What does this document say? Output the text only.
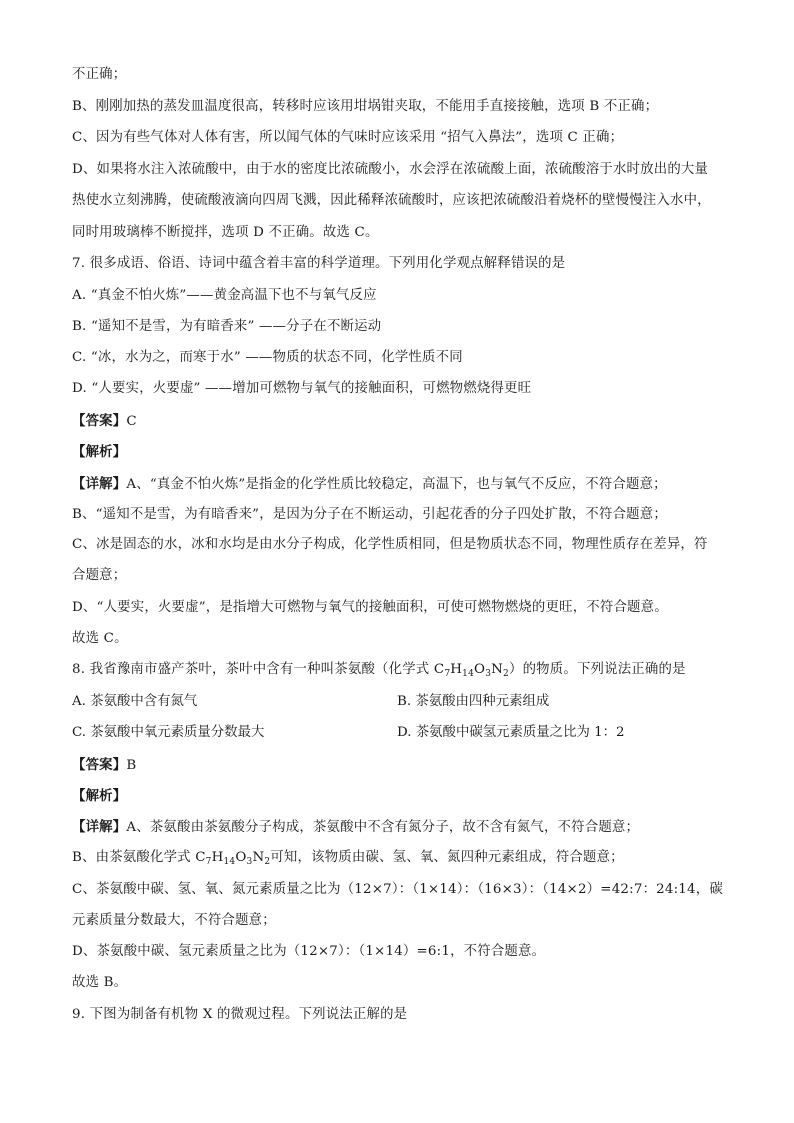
不正确；
B、刚刚加热的蒸发皿温度很高，转移时应该用坩埚钳夹取，不能用手直接接触，选项 B 不正确；
C、因为有些气体对人体有害，所以闻气体的气味时应该采用 “招气入鼻法”，选项 C 正确；
D、如果将水注入浓硫酸中，由于水的密度比浓硫酸小，水会浮在浓硫酸上面，浓硫酸溶于水时放出的大量
热使水立刻沸腾，使硫酸液滴向四周飞溅，因此稀释浓硫酸时，应该把浓硫酸沿着烧杯的壁慢慢注入水中，
同时用玻璃棒不断搅拌，选项 D 不正确。故选 C。
7. 很多成语、俗语、诗词中蕴含着丰富的科学道理。下列用化学观点解释错误的是
A. “真金不怕火炼”——黄金高温下也不与氧气反应
B. “遥知不是雪，为有暗香来” ——分子在不断运动
C. “冰，水为之，而寒于水” ——物质的状态不同，化学性质不同
D. “人要实，火要虚” ——增加可燃物与氧气的接触面积，可燃物燃烧得更旺
【答案】C
【解析】
【详解】A、“真金不怕火炼”是指金的化学性质比较稳定，高温下，也与氧气不反应，不符合题意；
B、“遥知不是雪，为有暗香来”，是因为分子在不断运动，引起花香的分子四处扩散，不符合题意；
C、冰是固态的水，冰和水均是由水分子构成，化学性质相同，但是物质状态不同，物理性质存在差异，符
合题意；
D、“人要实，火要虚”，是指增大可燃物与氧气的接触面积，可使可燃物燃烧的更旺，不符合题意。
故选 C。
8. 我省豫南市盛产茶叶，茶叶中含有一种叫茶氨酸（化学式 $C_7H_{14}O_3N_2$）的物质。下列说法正确的是
A. 茶氨酸中含有氮气	B. 茶氨酸由四种元素组成
C. 茶氨酸中氧元素质量分数最大	D. 茶氨酸中碳氢元素质量之比为 1：2
【答案】B
【解析】
【详解】A、茶氨酸由茶氨酸分子构成，茶氨酸中不含有氮分子，故不含有氮气，不符合题意；
B、由茶氨酸化学式 $C_7H_{14}O_3N_2$可知，该物质由碳、氢、氧、氮四种元素组成，符合题意；
C、茶氨酸中碳、氢、氧、氮元素质量之比为（12×7）：（1×14）：（16×3）：（14×2）=42:7：24:14，碳
元素质量分数最大，不符合题意；
D、茶氨酸中碳、氢元素质量之比为（12×7）：（1×14）=6:1，不符合题意。
故选 B。
9. 下图为制备有机物 X 的微观过程。下列说法正解的是
